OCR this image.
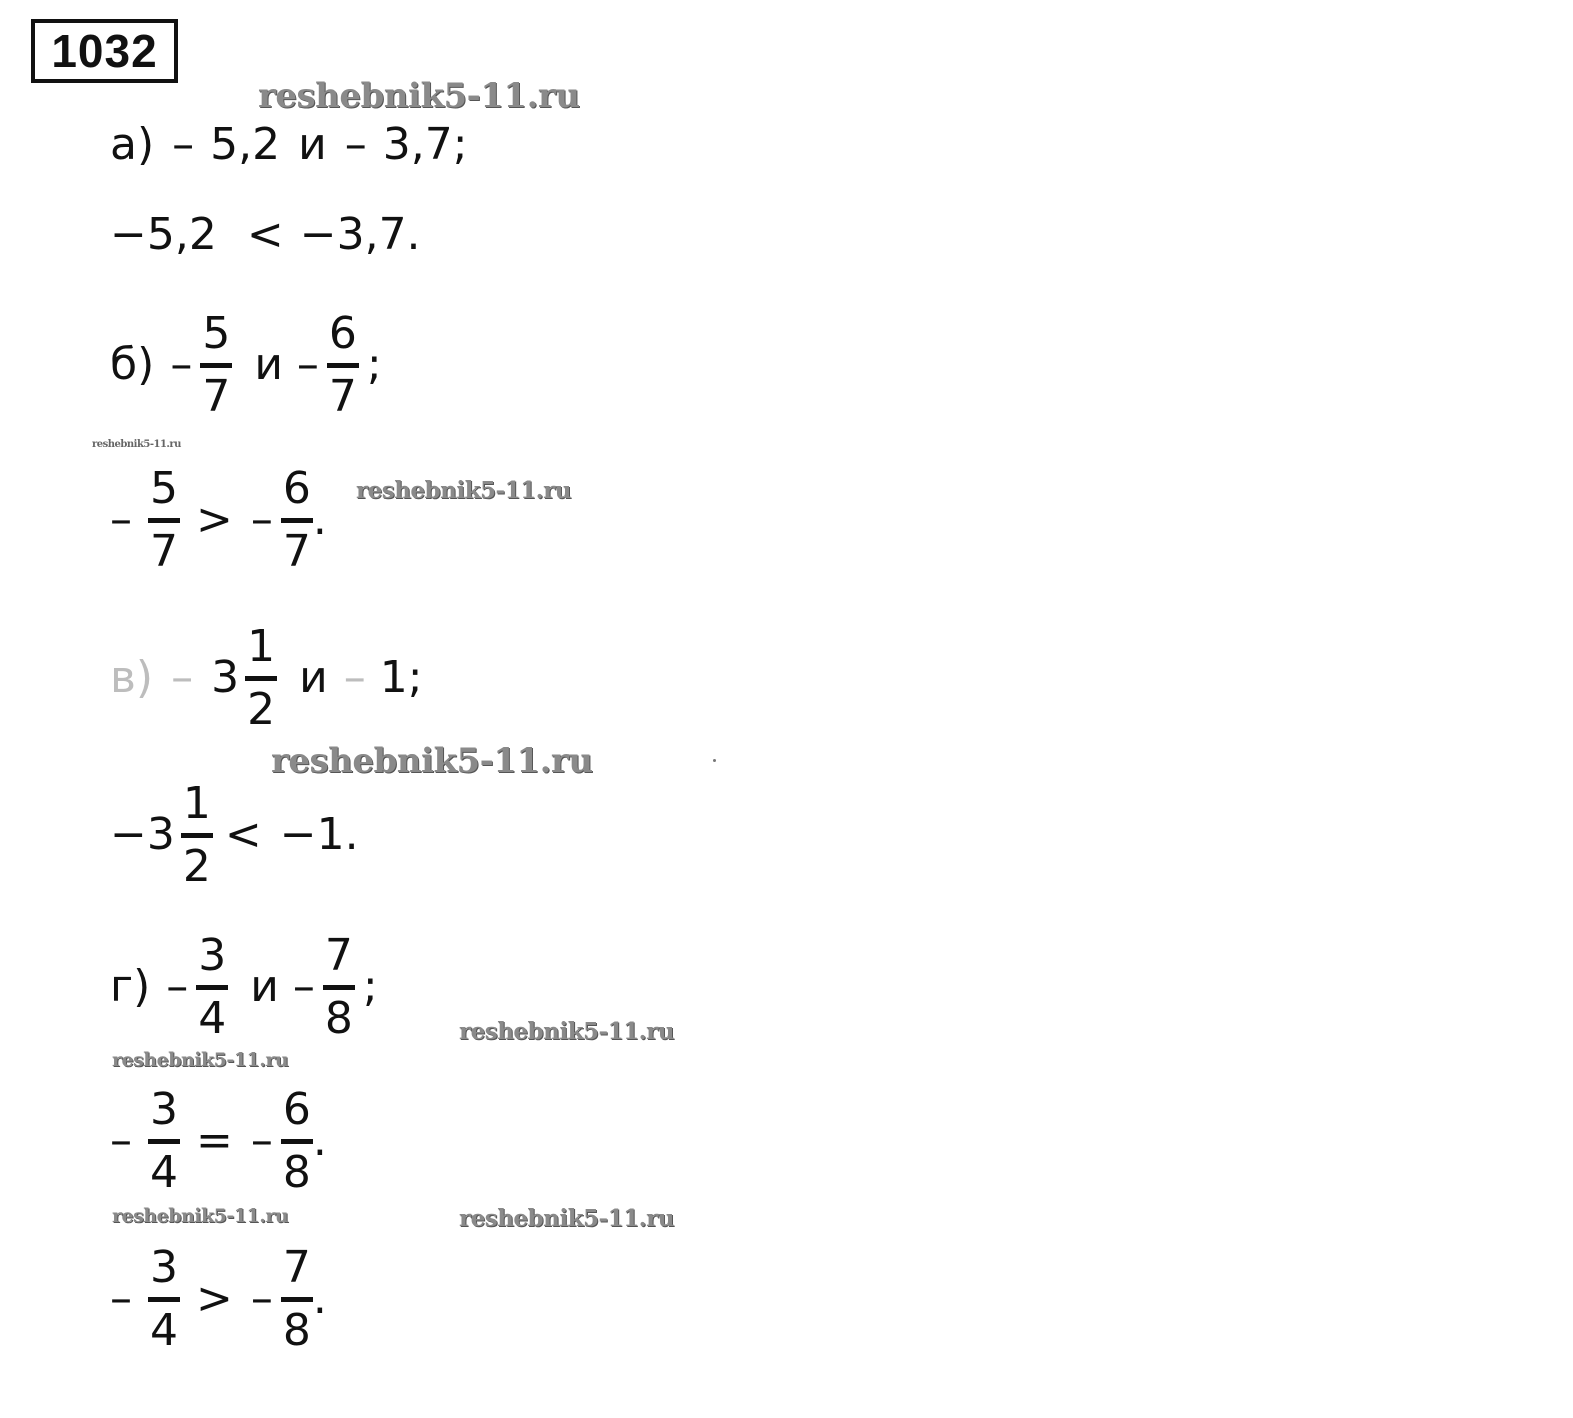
1032
reshebnik5-11.ru
reshebnik5-11.ru
reshebnik5-11.ru
reshebnik5-11.ru
reshebnik5-11.ru
reshebnik5-11.ru
reshebnik5-11.ru	reshebnik5-11.ru
а) – 5,2 и – 3,7;
−5,2 < −3,7.
б) –
5
7
и –
6
7
;
–
5
7
> –
6
7
.
в) – 3
1
2
и – 1;
−3
1
2
< −1.
г) –
3
4
и –
7
8
;
–
3
4
= –
6
8
.
–
3
4
> –
7
8
.
